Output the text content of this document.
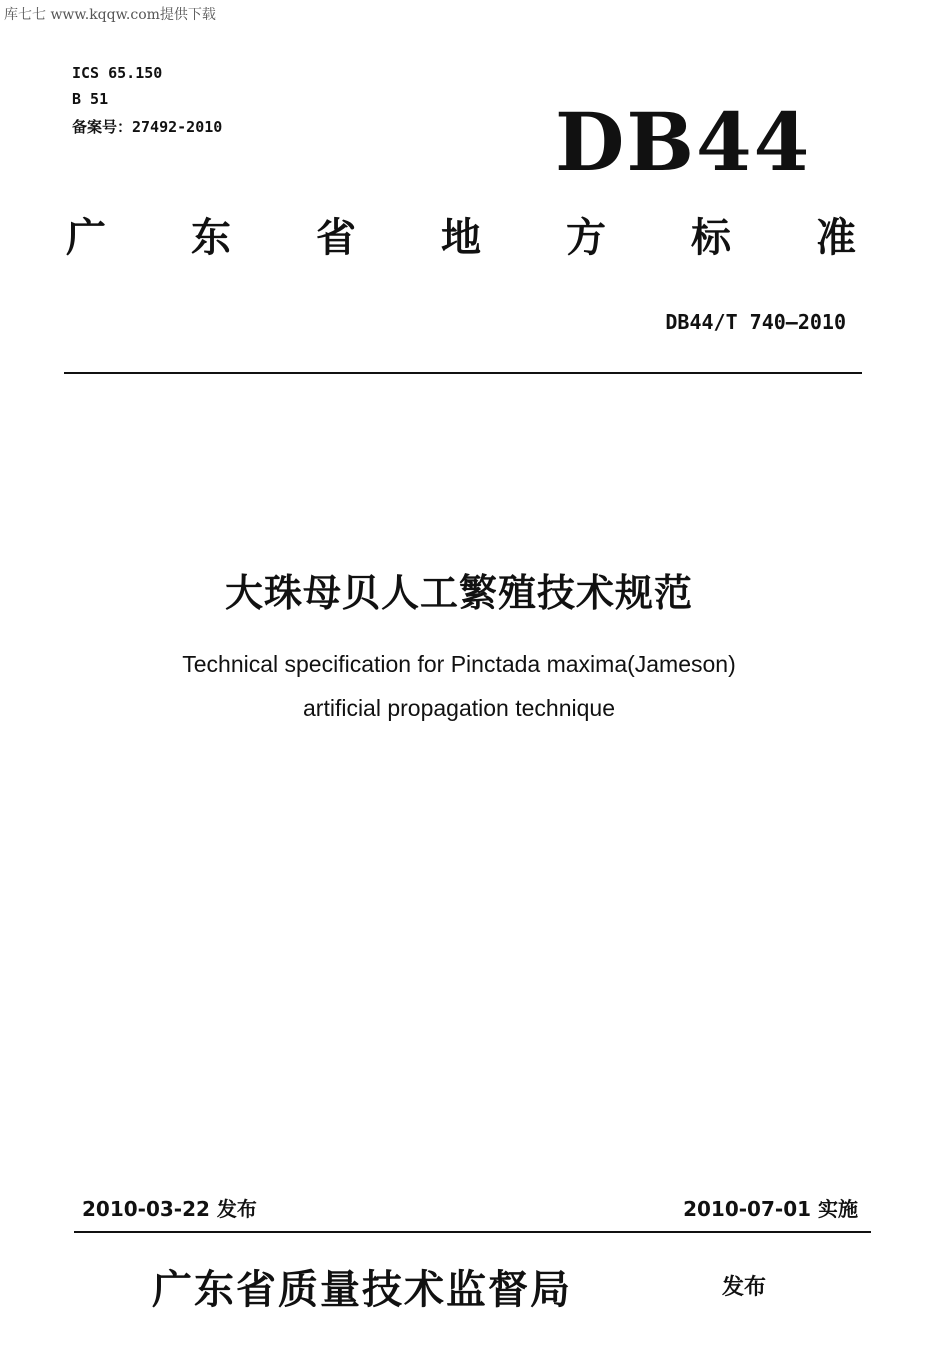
库七七 www.kqqw.com提供下载
ICS 65.150
B 51
备案号：27492-2010	DB44
广 东 省 地 方 标 准
DB44/T 740—2010
大珠母贝人工繁殖技术规范
Technical specification for Pinctada maxima(Jameson)
artificial propagation technique
2010-03-22 发布	2010-07-01 实施
广东省质量技术监督局	发布
